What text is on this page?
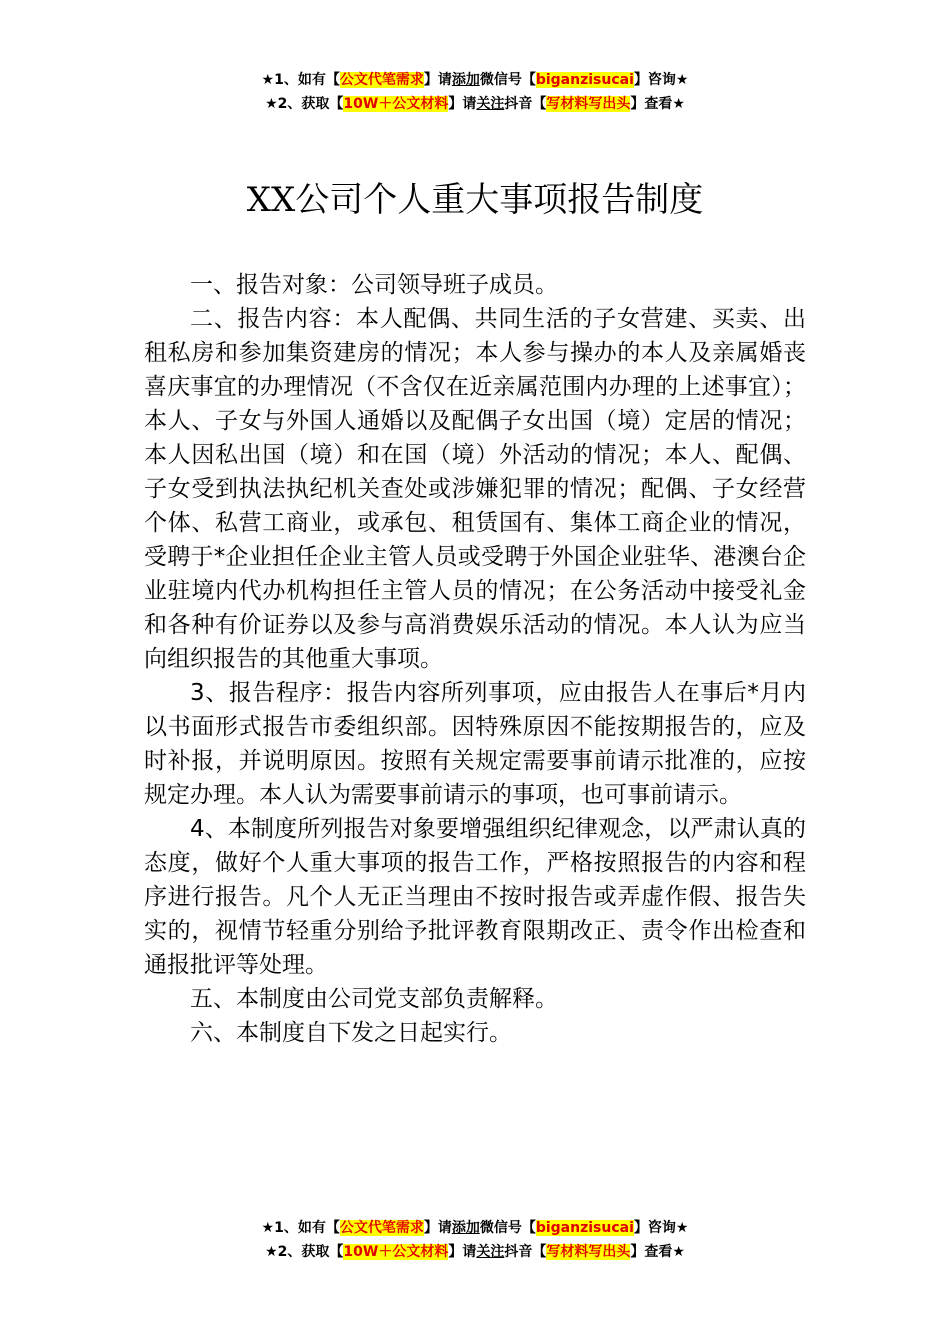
★1、如有【公文代笔需求】请添加微信号【biganzisucai】咨询★
★2、获取【10W＋公文材料】请关注抖音【写材料写出头】查看★
XX公司个人重大事项报告制度

一、报告对象：公司领导班子成员。

二、报告内容：本人配偶、共同生活的子女营建、买卖、出租私房和参加集资建房的情况；本人参与操办的本人及亲属婚丧喜庆事宜的办理情况（不含仅在近亲属范围内办理的上述事宜）；本人、子女与外国人通婚以及配偶子女出国（境）定居的情况；本人因私出国（境）和在国（境）外活动的情况；本人、配偶、子女受到执法执纪机关查处或涉嫌犯罪的情况；配偶、子女经营个体、私营工商业，或承包、租赁国有、集体工商企业的情况，受聘于*企业担任企业主管人员或受聘于外国企业驻华、港澳台企业驻境内代办机构担任主管人员的情况；在公务活动中接受礼金和各种有价证券以及参与高消费娱乐活动的情况。本人认为应当向组织报告的其他重大事项。

3、报告程序：报告内容所列事项，应由报告人在事后*月内以书面形式报告市委组织部。因特殊原因不能按期报告的，应及时补报，并说明原因。按照有关规定需要事前请示批准的，应按规定办理。本人认为需要事前请示的事项，也可事前请示。

4、本制度所列报告对象要增强组织纪律观念，以严肃认真的态度，做好个人重大事项的报告工作，严格按照报告的内容和程序进行报告。凡个人无正当理由不按时报告或弄虚作假、报告失实的，视情节轻重分别给予批评教育限期改正、责令作出检查和通报批评等处理。

五、本制度由公司党支部负责解释。

六、本制度自下发之日起实行。

★1、如有【公文代笔需求】请添加微信号【biganzisucai】咨询★
★2、获取【10W＋公文材料】请关注抖音【写材料写出头】查看★
